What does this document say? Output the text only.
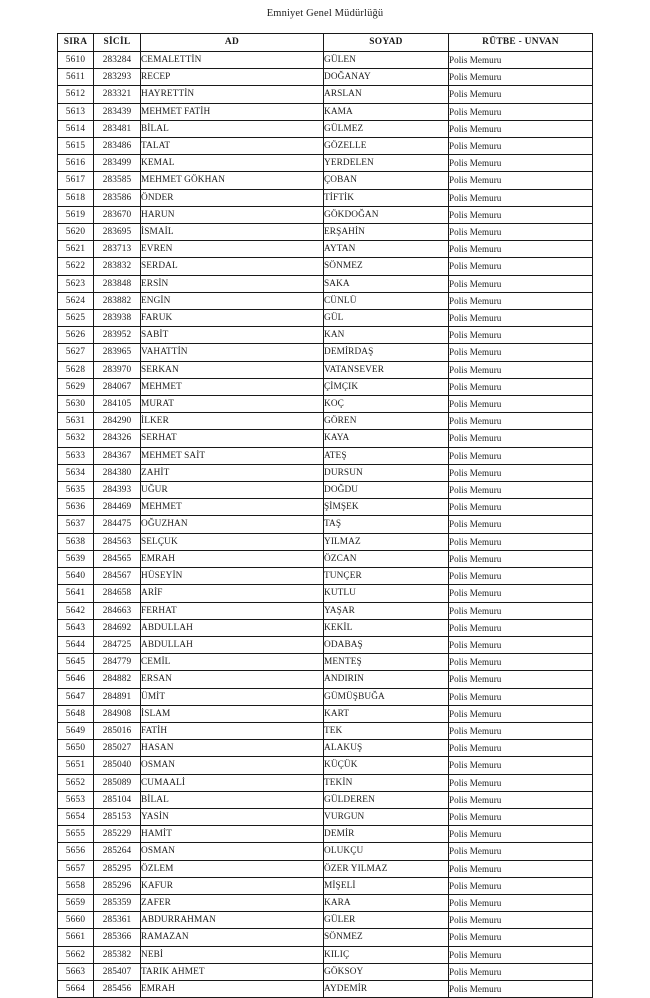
Emniyet Genel Müdürlüğü
SIRA	SİCİL	AD	SOYAD	RÜTBE - UNVAN
5610	283284	CEMALETTİN	GÜLEN	Polis Memuru
5611	283293	RECEP	DOĞANAY	Polis Memuru
5612	283321	HAYRETTİN	ARSLAN	Polis Memuru
5613	283439	MEHMET FATİH	KAMA	Polis Memuru
5614	283481	BİLAL	GÜLMEZ	Polis Memuru
5615	283486	TALAT	GÖZELLE	Polis Memuru
5616	283499	KEMAL	YERDELEN	Polis Memuru
5617	283585	MEHMET GÖKHAN	ÇOBAN	Polis Memuru
5618	283586	ÖNDER	TİFTİK	Polis Memuru
5619	283670	HARUN	GÖKDOĞAN	Polis Memuru
5620	283695	İSMAİL	ERŞAHİN	Polis Memuru
5621	283713	EVREN	AYTAN	Polis Memuru
5622	283832	SERDAL	SÖNMEZ	Polis Memuru
5623	283848	ERSİN	SAKA	Polis Memuru
5624	283882	ENGİN	CÜNLÜ	Polis Memuru
5625	283938	FARUK	GÜL	Polis Memuru
5626	283952	SABİT	KAN	Polis Memuru
5627	283965	VAHATTİN	DEMİRDAŞ	Polis Memuru
5628	283970	SERKAN	VATANSEVER	Polis Memuru
5629	284067	MEHMET	ÇİMÇIK	Polis Memuru
5630	284105	MURAT	KOÇ	Polis Memuru
5631	284290	İLKER	GÖREN	Polis Memuru
5632	284326	SERHAT	KAYA	Polis Memuru
5633	284367	MEHMET SAİT	ATEŞ	Polis Memuru
5634	284380	ZAHİT	DURSUN	Polis Memuru
5635	284393	UĞUR	DOĞDU	Polis Memuru
5636	284469	MEHMET	ŞİMŞEK	Polis Memuru
5637	284475	OĞUZHAN	TAŞ	Polis Memuru
5638	284563	SELÇUK	YILMAZ	Polis Memuru
5639	284565	EMRAH	ÖZCAN	Polis Memuru
5640	284567	HÜSEYİN	TUNÇER	Polis Memuru
5641	284658	ARİF	KUTLU	Polis Memuru
5642	284663	FERHAT	YAŞAR	Polis Memuru
5643	284692	ABDULLAH	KEKİL	Polis Memuru
5644	284725	ABDULLAH	ODABAŞ	Polis Memuru
5645	284779	CEMİL	MENTEŞ	Polis Memuru
5646	284882	ERSAN	ANDIRIN	Polis Memuru
5647	284891	ÜMİT	GÜMÜŞBUĞA	Polis Memuru
5648	284908	İSLAM	KART	Polis Memuru
5649	285016	FATİH	TEK	Polis Memuru
5650	285027	HASAN	ALAKUŞ	Polis Memuru
5651	285040	OSMAN	KÜÇÜK	Polis Memuru
5652	285089	CUMAALİ	TEKİN	Polis Memuru
5653	285104	BİLAL	GÜLDEREN	Polis Memuru
5654	285153	YASİN	VURGUN	Polis Memuru
5655	285229	HAMİT	DEMİR	Polis Memuru
5656	285264	OSMAN	OLUKÇU	Polis Memuru
5657	285295	ÖZLEM	ÖZER YILMAZ	Polis Memuru
5658	285296	KAFUR	MİŞELİ	Polis Memuru
5659	285359	ZAFER	KARA	Polis Memuru
5660	285361	ABDURRAHMAN	GÜLER	Polis Memuru
5661	285366	RAMAZAN	SÖNMEZ	Polis Memuru
5662	285382	NEBİ	KILIÇ	Polis Memuru
5663	285407	TARIK AHMET	GÖKSOY	Polis Memuru
5664	285456	EMRAH	AYDEMİR	Polis Memuru
